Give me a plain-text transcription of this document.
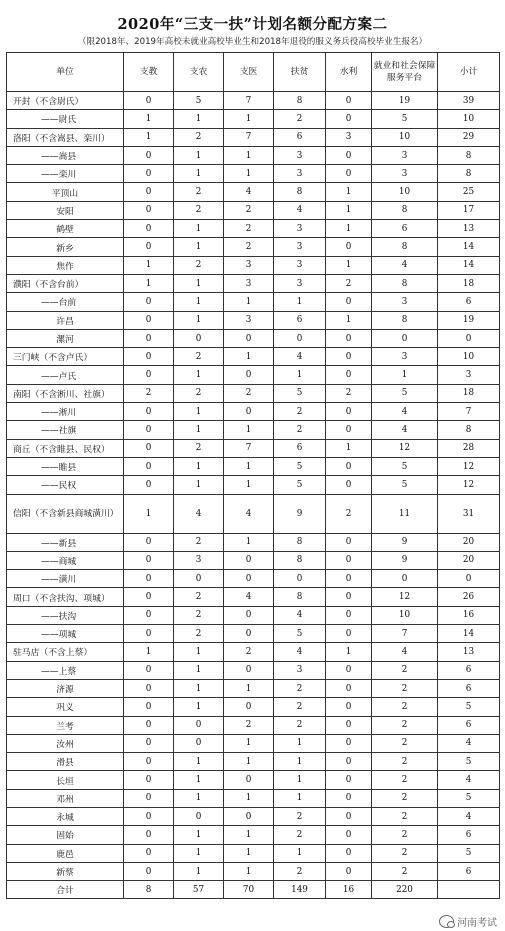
2020年“三支一扶”计划名额分配方案二
（限2018年、2019年高校未就业高校毕业生和2018年退役的服义务兵役高校毕业生报名）
单位	支教	支农	支医	扶贫	水利	就业和社会保障服务平台	小计
开封（不含尉氏）	0	5	7	8	0	19	39
——尉氏	1	1	1	2	0	5	10
洛阳（不含嵩县、栾川）	1	2	7	6	3	10	29
——嵩县	0	1	1	3	0	3	8
——栾川	0	1	1	3	0	3	8
平顶山	0	2	4	8	1	10	25
安阳	0	2	2	4	1	8	17
鹤壁	0	1	2	3	1	6	13
新乡	0	1	2	3	0	8	14
焦作	1	2	3	3	1	4	14
濮阳（不含台前）	1	1	3	3	2	8	18
——台前	0	1	1	1	0	3	6
许昌	0	1	3	6	1	8	19
漯河	0	0	0	0	0	0	0
三门峡（不含卢氏）	0	2	1	4	0	3	10
——卢氏	0	1	0	1	0	1	3
南阳（不含淅川、社旗）	2	2	2	5	2	5	18
——淅川	0	1	0	2	0	4	7
——社旗	0	1	1	2	0	4	8
商丘（不含睢县、民权）	0	2	7	6	1	12	28
——睢县	0	1	1	5	0	5	12
——民权	0	1	1	5	0	5	12
信阳（不含新县商城潢川）	1	4	4	9	2	11	31
——新县	0	2	1	8	0	9	20
——商城	0	3	0	8	0	9	20
——潢川	0	0	0	0	0	0	0
周口（不含扶沟、项城）	0	2	4	8	0	12	26
——扶沟	0	2	0	4	0	10	16
——项城	0	2	0	5	0	7	14
驻马店（不含上蔡）	1	1	2	4	1	4	13
——上蔡	0	1	0	3	0	2	6
济源	0	1	1	2	0	2	6
巩义	0	1	0	2	0	2	5
兰考	0	0	2	2	0	2	6
汝州	0	0	1	1	0	2	4
滑县	0	1	1	1	0	2	5
长垣	0	1	0	1	0	2	4
邓州	0	1	1	1	0	2	5
永城	0	0	0	2	0	2	4
固始	0	1	1	2	0	2	6
鹿邑	0	1	1	1	0	2	5
新蔡	0	1	1	2	0	2	6
合计	8	57	70	149	16	220	
河南考试
